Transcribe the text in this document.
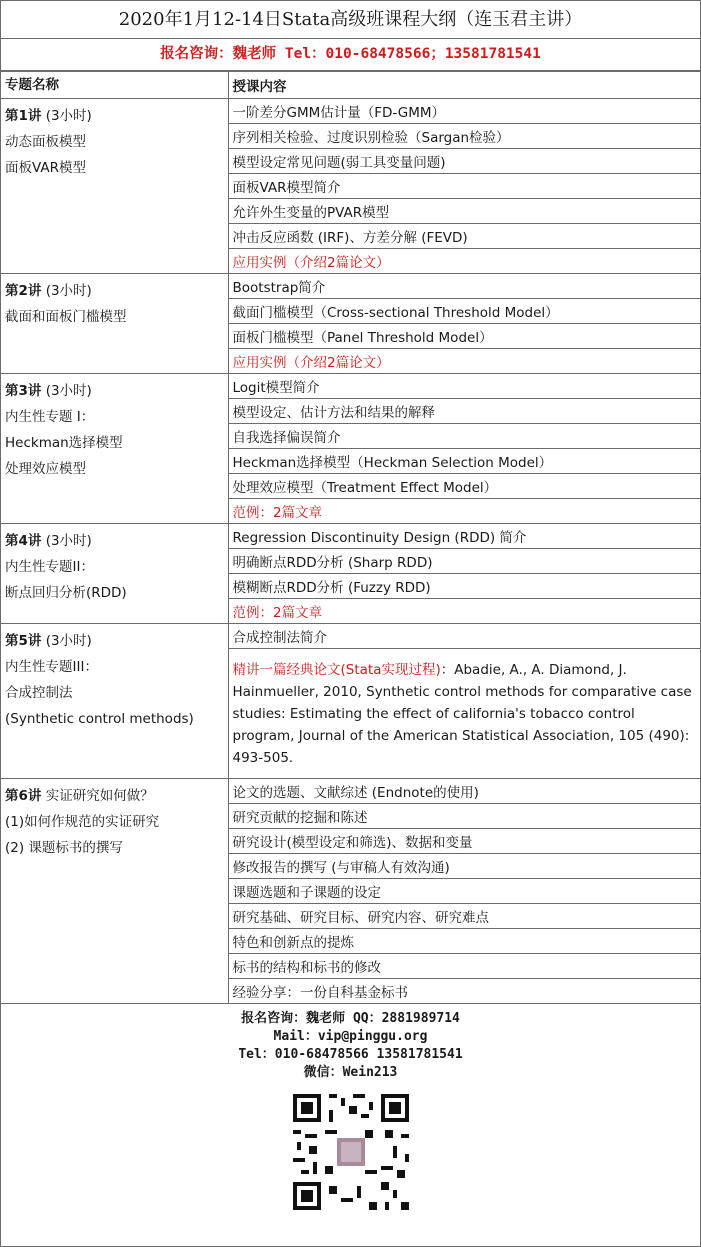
2020年1月12-14日Stata高级班课程大纲（连玉君主讲）
报名咨询：魏老师 Tel：010-68478566；13581781541
专题名称	授课内容

第1讲 (3小时)
动态面板模型
面板VAR模型	一阶差分GMM估计量（FD-GMM）
	序列相关检验、过度识别检验（Sargan检验）
	模型设定常见问题(弱工具变量问题)
	面板VAR模型简介
	允许外生变量的PVAR模型
	冲击反应函数 (IRF)、方差分解 (FEVD)
	应用实例（介绍2篇论文）

第2讲 (3小时)
截面和面板门槛模型	Bootstrap简介
	截面门槛模型（Cross-sectional Threshold Model）
	面板门槛模型（Panel Threshold Model）
	应用实例（介绍2篇论文）

第3讲 (3小时)
内生性专题 I：
Heckman选择模型
处理效应模型	Logit模型简介
	模型设定、估计方法和结果的解释
	自我选择偏误简介
	Heckman选择模型（Heckman Selection Model）
	处理效应模型（Treatment Effect Model）
	范例：2篇文章

第4讲 (3小时)
内生性专题II：
断点回归分析(RDD)	Regression Discontinuity Design (RDD) 简介
	明确断点RDD分析 (Sharp RDD)
	模糊断点RDD分析 (Fuzzy RDD)
	范例：2篇文章

第5讲 (3小时)
内生性专题III：
合成控制法
(Synthetic control methods)	合成控制法简介
	精讲一篇经典论文(Stata实现过程)：Abadie, A., A. Diamond, J. Hainmueller, 2010, Synthetic control methods for comparative case studies: Estimating the effect of california's tobacco control program, Journal of the American Statistical Association, 105 (490): 493-505.

第6讲 实证研究如何做？
(1)如何作规范的实证研究
(2) 课题标书的撰写	论文的选题、文献综述 (Endnote的使用)
	研究贡献的挖掘和陈述
	研究设计(模型设定和筛选)、数据和变量
	修改报告的撰写 (与审稿人有效沟通)
	课题选题和子课题的设定
	研究基础、研究目标、研究内容、研究难点
	特色和创新点的提炼
	标书的结构和标书的修改
	经验分享：一份自科基金标书
报名咨询：魏老师 QQ：2881989714
Mail：vip@pinggu.org
Tel：010-68478566 13581781541
微信：Wein213
